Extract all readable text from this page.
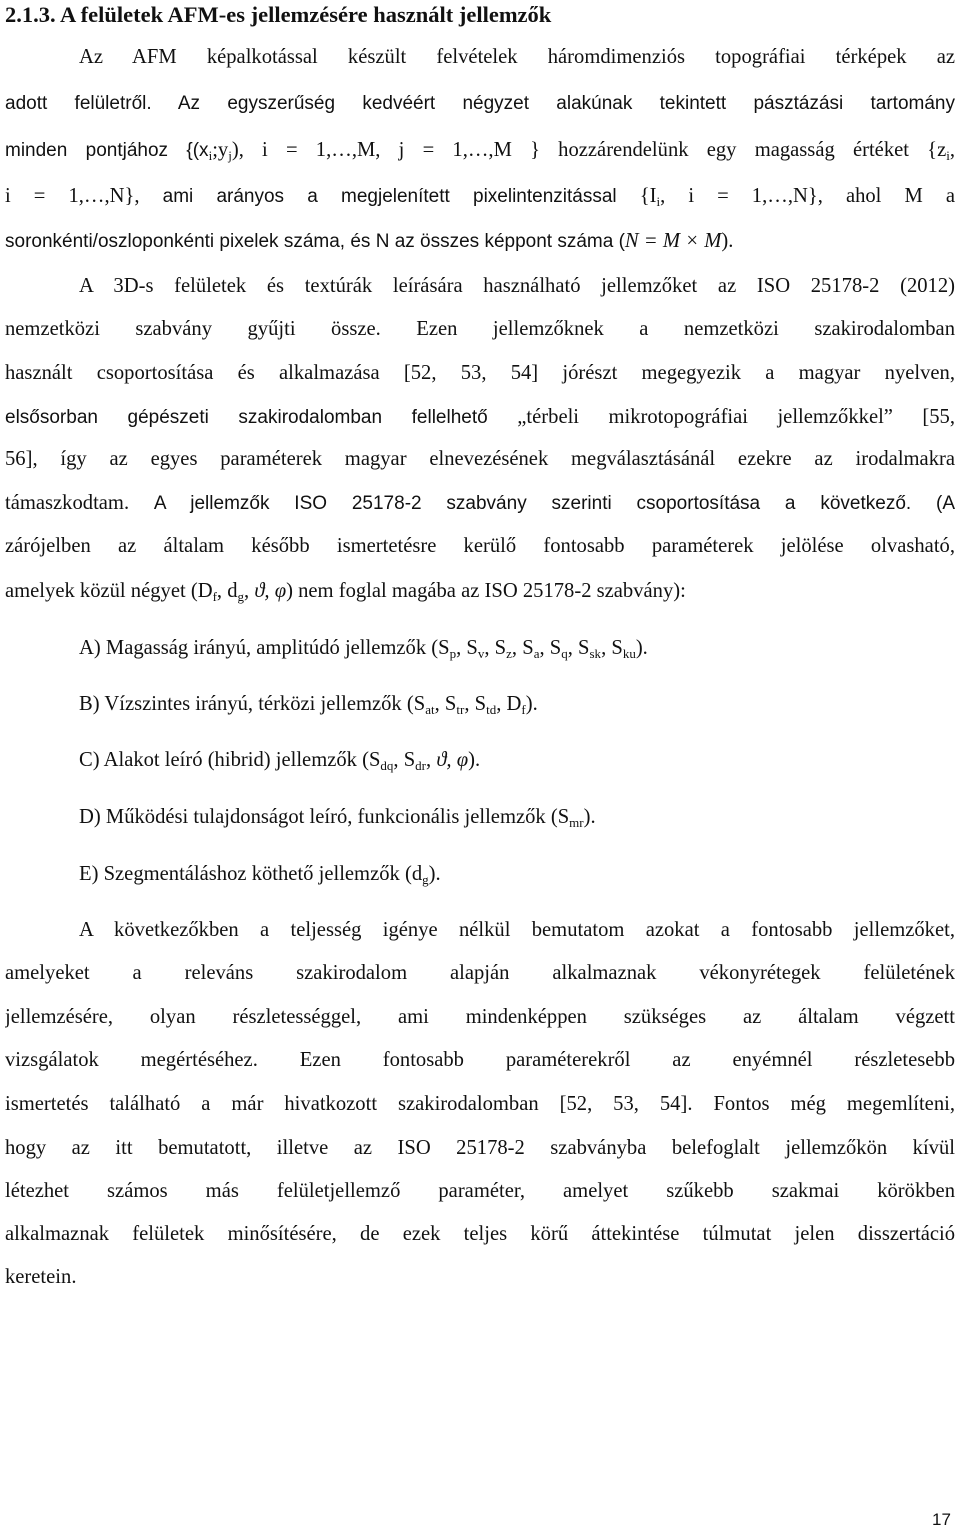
2.1.3. A felületek AFM-es jellemzésére használt jellemzők
Az AFM képalkotással készült felvételek háromdimenziós topográfiai térképek az
adott felületről. Az egyszerűség kedvéért négyzet alakúnak tekintett pásztázási tartomány
minden pontjához {$(x_i;y_j)$, i = 1,…,M, j = 1,…,M } hozzárendelünk egy magasság értéket {$z_i$,
i = 1,…,N}, ami arányos a megjelenített pixelintenzitással {$I_i$, i = 1,…,N}, ahol M a
soronkénti/oszloponkénti pixelek száma, és N az összes képpont száma (N = M × M).
A 3D-s felületek és textúrák leírására használható jellemzőket az ISO 25178-2 (2012)
nemzetközi szabvány gyűjti össze. Ezen jellemzőknek a nemzetközi szakirodalomban
használt csoportosítása és alkalmazása [52, 53, 54] jórészt megegyezik a magyar nyelven,
elsősorban gépészeti szakirodalomban fellelhető „térbeli mikrotopográfiai jellemzőkkel” [55,
56], így az egyes paraméterek magyar elnevezésének megválasztásánál ezekre az irodalmakra
támaszkodtam. A jellemzők ISO 25178-2 szabvány szerinti csoportosítása a következő. (A
zárójelben az általam később ismertetésre kerülő fontosabb paraméterek jelölése olvasható,
amelyek közül négyet ($D_f$, $d_g$, ϑ, φ) nem foglal magába az ISO 25178-2 szabvány):
A) Magasság irányú, amplitúdó jellemzők ($S_p$, $S_v$, $S_z$, $S_a$, $S_q$, $S_{sk}$, $S_{ku}$).
B) Vízszintes irányú, térközi jellemzők ($S_{at}$, $S_{tr}$, $S_{td}$, $D_f$).
C) Alakot leíró (hibrid) jellemzők ($S_{dq}$, $S_{dr}$, ϑ, φ).
D) Működési tulajdonságot leíró, funkcionális jellemzők $(S_{mr})$.
E) Szegmentáláshoz köthető jellemzők $(d_g)$.
A következőkben a teljesség igénye nélkül bemutatom azokat a fontosabb jellemzőket,
amelyeket a releváns szakirodalom alapján alkalmaznak vékonyrétegek felületének
jellemzésére, olyan részletességgel, ami mindenképpen szükséges az általam végzett
vizsgálatok megértéséhez. Ezen fontosabb paraméterekről az enyémnél részletesebb
ismertetés található a már hivatkozott szakirodalomban [52, 53, 54]. Fontos még megemlíteni,
hogy az itt bemutatott, illetve az ISO 25178-2 szabványba belefoglalt jellemzőkön kívül
létezhet számos más felületjellemző paraméter, amelyet szűkebb szakmai körökben
alkalmaznak felületek minősítésére, de ezek teljes körű áttekintése túlmutat jelen disszertáció
keretein.
17
